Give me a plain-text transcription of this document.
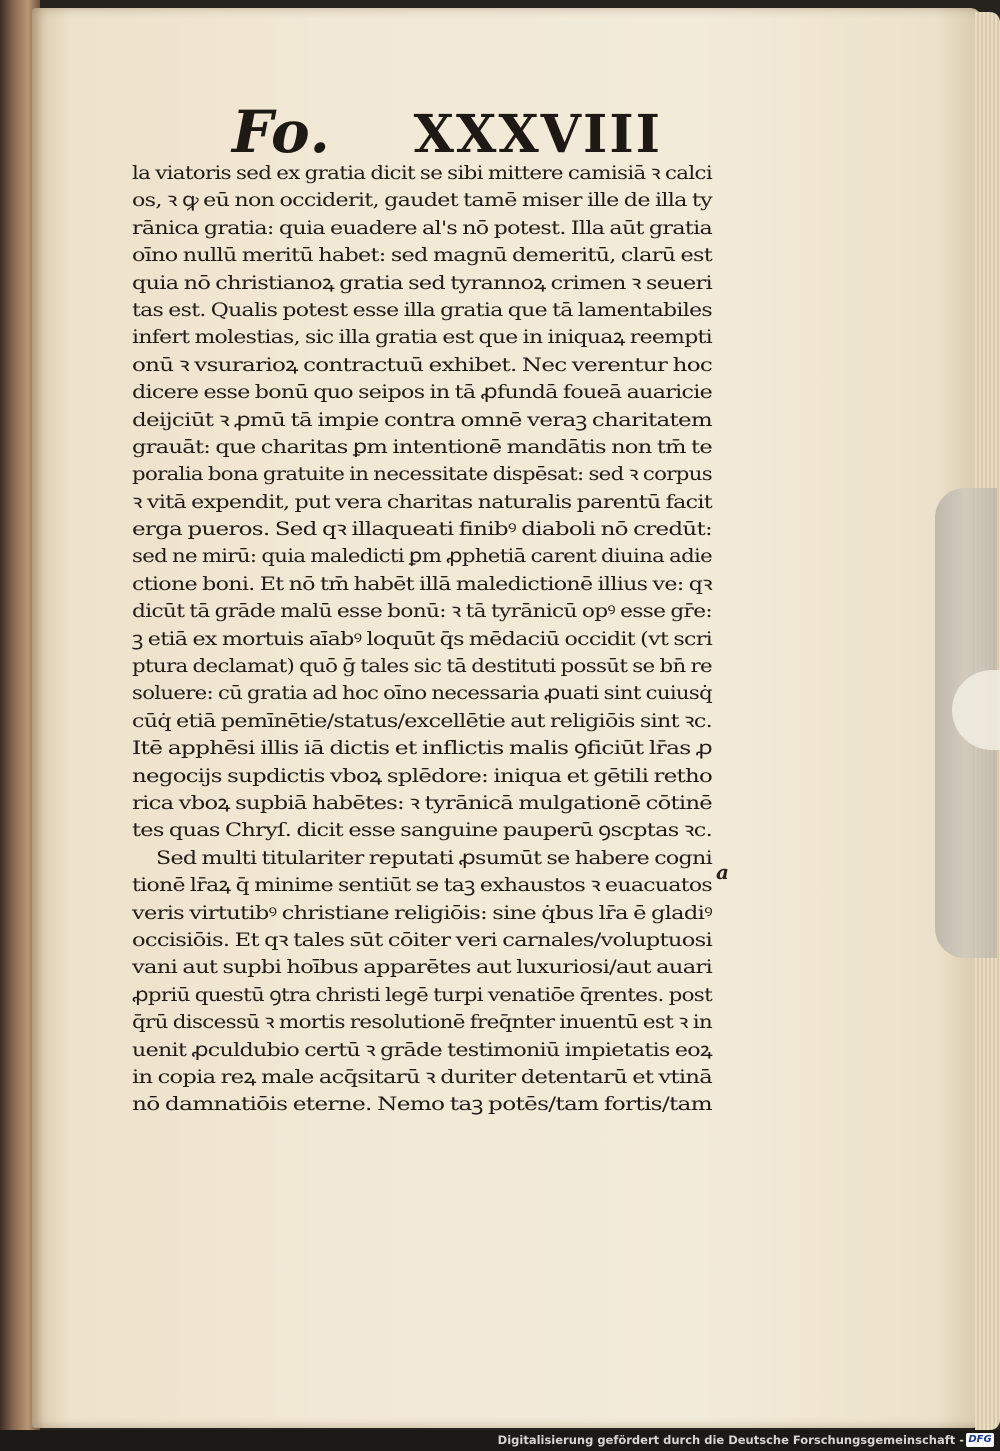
Fo. XXXVIII
la viatoris sed ex gratia dicit se sibi mittere camisiā ꝛ calci
os, ꝛ ꝙ eū non occiderit, gaudet tamē miser ille de illa ty
rānica gratia: quia euadere al's nō potest. Illa aūt gratia
oīno nullū meritū habet: sed magnū demeritū, clarū est
quia nō christianoꝝ gratia sed tyrannoꝝ crimen ꝛ seueri
tas est. Qualis potest esse illa gratia que tā lamentabiles
infert molestias, sic illa gratia est que in iniquaꝝ reempti
onū ꝛ vsurarioꝝ contractuū exhibet. Nec verentur hoc
dicere esse bonū quo seipos in tā ꝓfundā foueā auaricie
deijciūt ꝛ ꝓmū tā impie contra omnē veraꝫ charitatem
grauāt: que charitas ꝑm intentionē mandātis non tm̄ te
poralia bona gratuite in necessitate dispēsat: sed ꝛ corpus
ꝛ vitā expendit, put vera charitas naturalis parentū facit
erga pueros. Sed qꝛ illaqueati finibꝰ diaboli nō credūt:
sed ne mirū: quia maledicti ꝑm ꝓphetiā carent diuina adie
ctione boni. Et nō tm̄ habēt illā maledictionē illius ve: qꝛ
dicūt tā grāde malū esse bonū: ꝛ tā tyrānicū opꝰ esse gr̄e:
ꝫ etiā ex mortuis aīabꝰ loquūt q̄s mēdaciū occidit (vt scri
ptura declamat) quō ḡ tales sic tā destituti possūt se bn̄ re
soluere: cū gratia ad hoc oīno necessaria ꝓuati sint cuiusq̇
cūq̇ etiā pemīnētie/status/excellētie aut religiōis sint ꝛc.
Itē apphēsi illis iā dictis et inflictis malis ꝯficiūt lr̄as ꝓ
negocijs supdictis vboꝝ splēdore: iniqua et gētili retho
rica vboꝝ supbiā habētes: ꝛ tyrānicā mulgationē cōtinē
tes quas Chryſ. dicit esse sanguine pauperū ꝯscptas ꝛc.
Sed multi titulariter reputati ꝓsumūt se habere cogni
tionē lr̄aꝝ q̄ minime sentiūt se taꝫ exhaustos ꝛ euacuatos
veris virtutibꝰ christiane religiōis: sine q̇bus lr̄a ē gladiꝰ
occisiōis. Et qꝛ tales sūt cōiter veri carnales/voluptuosi
vani aut supbi hoībus apparētes aut luxuriosi/aut auari
ꝓpriū questū ꝯtra christi legē turpi venatiōe q̄rentes. post
q̄rū discessū ꝛ mortis resolutionē freq̄nter inuentū est ꝛ in
uenit ꝓculdubio certū ꝛ grāde testimoniū impietatis eoꝝ
in copia reꝝ male acq̄sitarū ꝛ duriter detentarū et vtinā
nō damnatiōis eterne. Nemo taꝫ potēs/tam fortis/tam
a
Digitalisierung gefördert durch die Deutsche Forschungsgemeinschaft - DFG
